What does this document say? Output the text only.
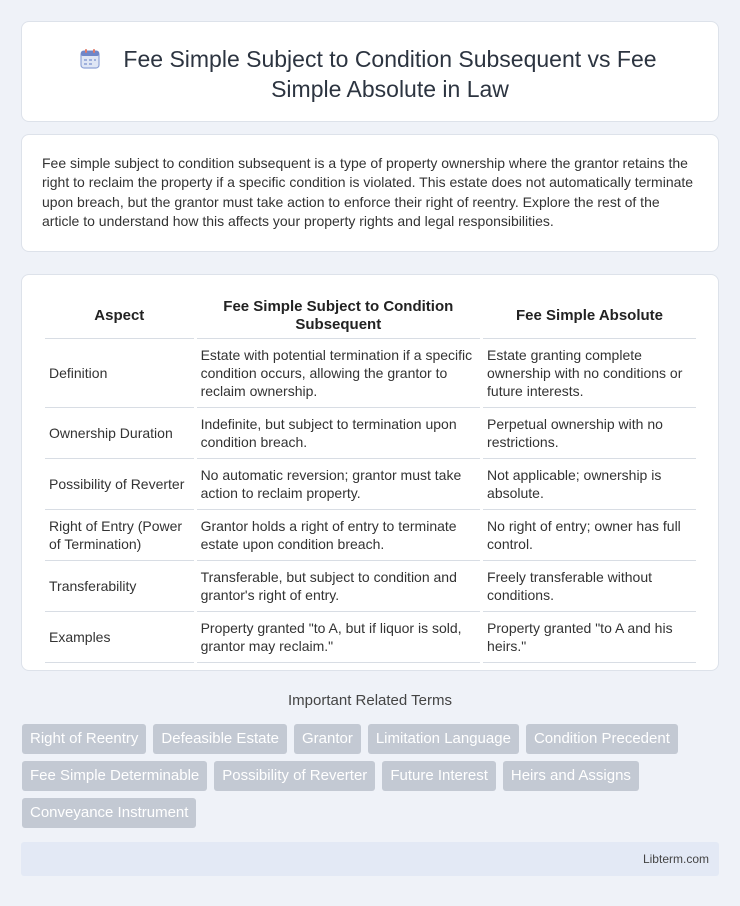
Fee Simple Subject to Condition Subsequent vs Fee Simple Absolute in Law

Fee simple subject to condition subsequent is a type of property ownership where the grantor retains the right to reclaim the property if a specific condition is violated. This estate does not automatically terminate upon breach, but the grantor must take action to enforce their right of reentry. Explore the rest of the article to understand how this affects your property rights and legal responsibilities.

Aspect	Fee Simple Subject to Condition Subsequent	Fee Simple Absolute
Definition	Estate with potential termination if a specific condition occurs, allowing the grantor to reclaim ownership.	Estate granting complete ownership with no conditions or future interests.
Ownership Duration	Indefinite, but subject to termination upon condition breach.	Perpetual ownership with no restrictions.
Possibility of Reverter	No automatic reversion; grantor must take action to reclaim property.	Not applicable; ownership is absolute.
Right of Entry (Power of Termination)	Grantor holds a right of entry to terminate estate upon condition breach.	No right of entry; owner has full control.
Transferability	Transferable, but subject to condition and grantor's right of entry.	Freely transferable without conditions.
Examples	Property granted "to A, but if liquor is sold, grantor may reclaim."	Property granted "to A and his heirs."
Important Related Terms
Right of Reentry	Defeasible Estate	Grantor	Limitation Language	Condition Precedent
Fee Simple Determinable	Possibility of Reverter	Future Interest	Heirs and Assigns
Conveyance Instrument
Libterm.com
